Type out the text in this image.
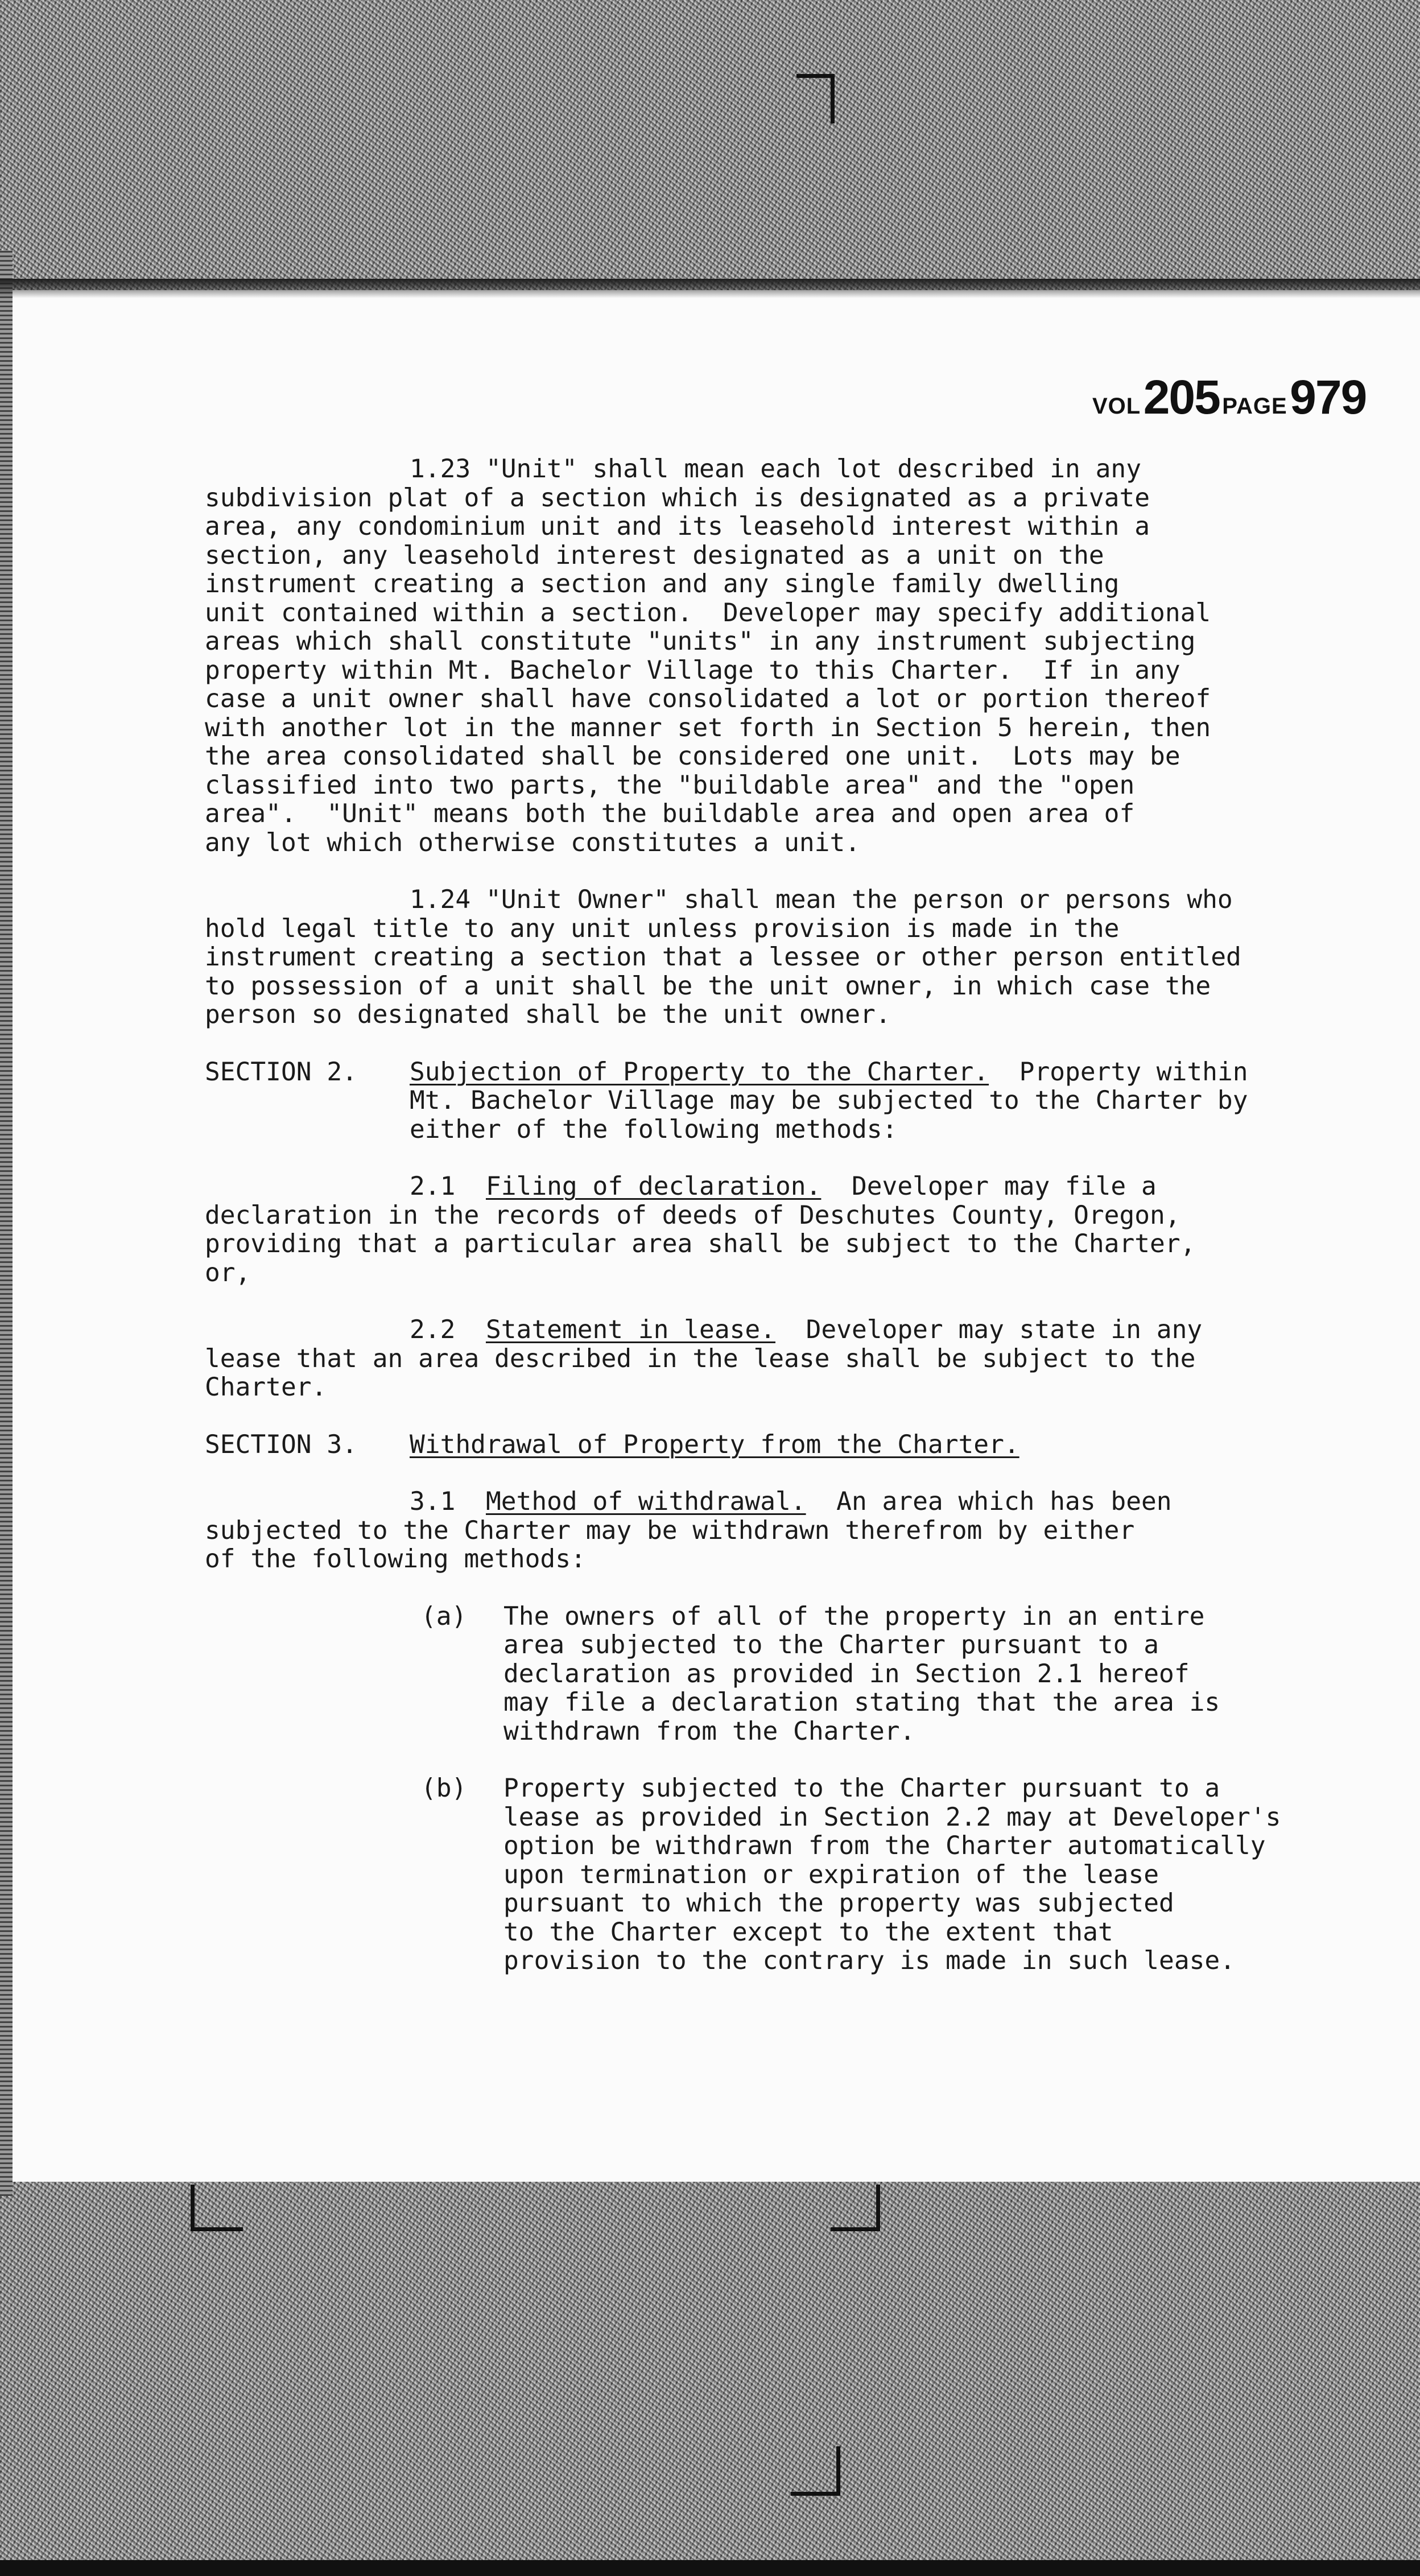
VOL 205 PAGE 979
1.23 "Unit" shall mean each lot described in any
subdivision plat of a section which is designated as a private
area, any condominium unit and its leasehold interest within a
section, any leasehold interest designated as a unit on the
instrument creating a section and any single family dwelling
unit contained within a section.  Developer may specify additional
areas which shall constitute "units" in any instrument subjecting
property within Mt. Bachelor Village to this Charter.  If in any
case a unit owner shall have consolidated a lot or portion thereof
with another lot in the manner set forth in Section 5 herein, then
the area consolidated shall be considered one unit.  Lots may be
classified into two parts, the "buildable area" and the "open
area".  "Unit" means both the buildable area and open area of
any lot which otherwise constitutes a unit.
1.24 "Unit Owner" shall mean the person or persons who
hold legal title to any unit unless provision is made in the
instrument creating a section that a lessee or other person entitled
to possession of a unit shall be the unit owner, in which case the
person so designated shall be the unit owner.
SECTION 2.	Subjection of Property to the Charter.  Property within
Mt. Bachelor Village may be subjected to the Charter by
either of the following methods:
2.1 Filing of declaration.  Developer may file a
declaration in the records of deeds of Deschutes County, Oregon,
providing that a particular area shall be subject to the Charter,
or,
2.2 Statement in lease.  Developer may state in any
lease that an area described in the lease shall be subject to the
Charter.
SECTION 3.	Withdrawal of Property from the Charter.
3.1 Method of withdrawal.  An area which has been
subjected to the Charter may be withdrawn therefrom by either
of the following methods:
(a)	The owners of all of the property in an entire
area subjected to the Charter pursuant to a
declaration as provided in Section 2.1 hereof
may file a declaration stating that the area is
withdrawn from the Charter.
(b)	Property subjected to the Charter pursuant to a
lease as provided in Section 2.2 may at Developer's
option be withdrawn from the Charter automatically
upon termination or expiration of the lease
pursuant to which the property was subjected
to the Charter except to the extent that
provision to the contrary is made in such lease.
